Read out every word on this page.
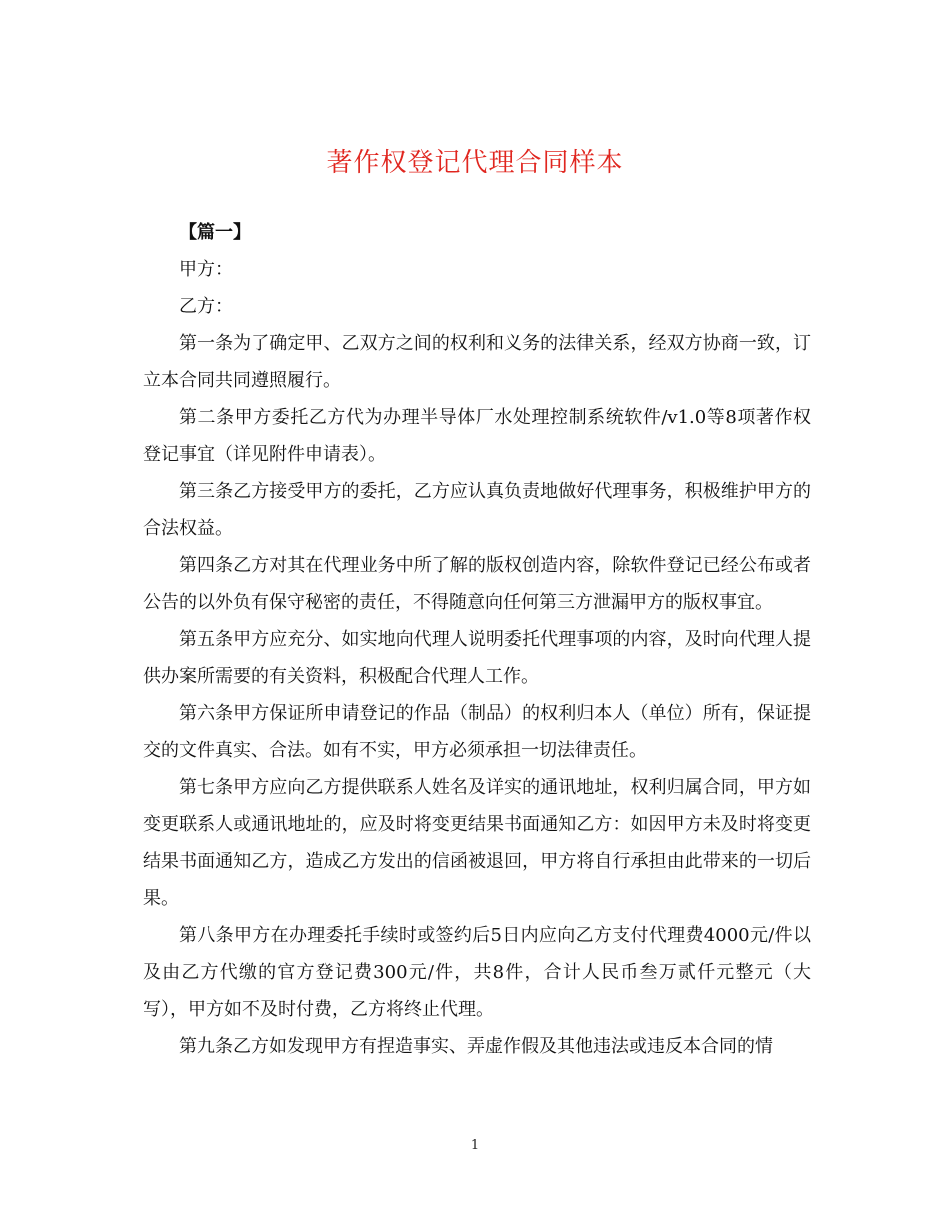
著作权登记代理合同样本

【篇一】

甲方：

乙方：

第一条为了确定甲、乙双方之间的权利和义务的法律关系，经双方协商一致，订立本合同共同遵照履行。

第二条甲方委托乙方代为办理半导体厂水处理控制系统软件/v1.0等8项著作权登记事宜（详见附件申请表）。

第三条乙方接受甲方的委托，乙方应认真负责地做好代理事务，积极维护甲方的合法权益。

第四条乙方对其在代理业务中所了解的版权创造内容，除软件登记已经公布或者公告的以外负有保守秘密的责任，不得随意向任何第三方泄漏甲方的版权事宜。

第五条甲方应充分、如实地向代理人说明委托代理事项的内容，及时向代理人提供办案所需要的有关资料，积极配合代理人工作。

第六条甲方保证所申请登记的作品（制品）的权利归本人（单位）所有，保证提交的文件真实、合法。如有不实，甲方必须承担一切法律责任。

第七条甲方应向乙方提供联系人姓名及详实的通讯地址，权利归属合同，甲方如变更联系人或通讯地址的，应及时将变更结果书面通知乙方：如因甲方未及时将变更结果书面通知乙方，造成乙方发出的信函被退回，甲方将自行承担由此带来的一切后果。

第八条甲方在办理委托手续时或签约后5日内应向乙方支付代理费4000元/件以及由乙方代缴的官方登记费300元/件，共8件，合计人民币叁万贰仟元整元（大写），甲方如不及时付费，乙方将终止代理。

第九条乙方如发现甲方有捏造事实、弄虚作假及其他违法或违反本合同的情

1
